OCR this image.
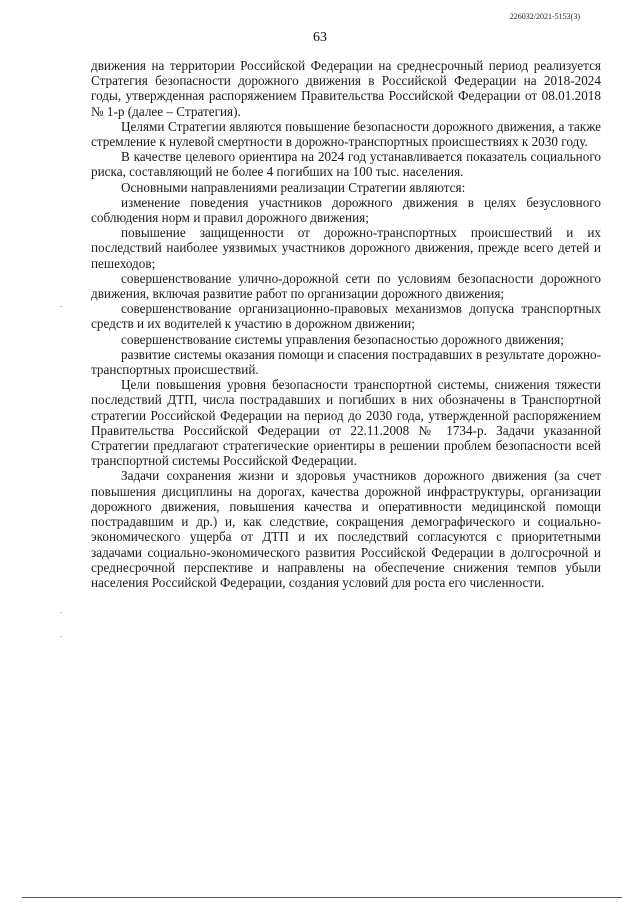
226032/2021-5153(3)
63

движения на территории Российской Федерации на среднесрочный период реализуется Стратегия безопасности дорожного движения в Российской Федерации на 2018-2024 годы, утвержденная распоряжением Правительства Российской Федерации от 08.01.2018 № 1-р (далее – Стратегия).

Целями Стратегии являются повышение безопасности дорожного движения, а также стремление к нулевой смертности в дорожно-транспортных происшествиях к 2030 году.

В качестве целевого ориентира на 2024 год устанавливается показатель социального риска, составляющий не более 4 погибших на 100 тыс. населения.

Основными направлениями реализации Стратегии являются:

изменение поведения участников дорожного движения в целях безусловного соблюдения норм и правил дорожного движения;

повышение защищенности от дорожно-транспортных происшествий и их последствий наиболее уязвимых участников дорожного движения, прежде всего детей и пешеходов;

совершенствование улично-дорожной сети по условиям безопасности дорожного движения, включая развитие работ по организации дорожного движения;

совершенствование организационно-правовых механизмов допуска транспортных средств и их водителей к участию в дорожном движении;

совершенствование системы управления безопасностью дорожного движения;

развитие системы оказания помощи и спасения пострадавших в результате дорожно-транспортных происшествий.

Цели повышения уровня безопасности транспортной системы, снижения тяжести последствий ДТП, числа пострадавших и погибших в них обозначены в Транспортной стратегии Российской Федерации на период до 2030 года, утвержденной распоряжением Правительства Российской Федерации от 22.11.2008 № 1734-р. Задачи указанной Стратегии предлагают стратегические ориентиры в решении проблем безопасности всей транспортной системы Российской Федерации.

Задачи сохранения жизни и здоровья участников дорожного движения (за счет повышения дисциплины на дорогах, качества дорожной инфраструктуры, организации дорожного движения, повышения качества и оперативности медицинской помощи пострадавшим и др.) и, как следствие, сокращения демографического и социально-экономического ущерба от ДТП и их последствий согласуются с приоритетными задачами социально-экономического развития Российской Федерации в долгосрочной и среднесрочной перспективе и направлены на обеспечение снижения темпов убыли населения Российской Федерации, создания условий для роста его численности.
